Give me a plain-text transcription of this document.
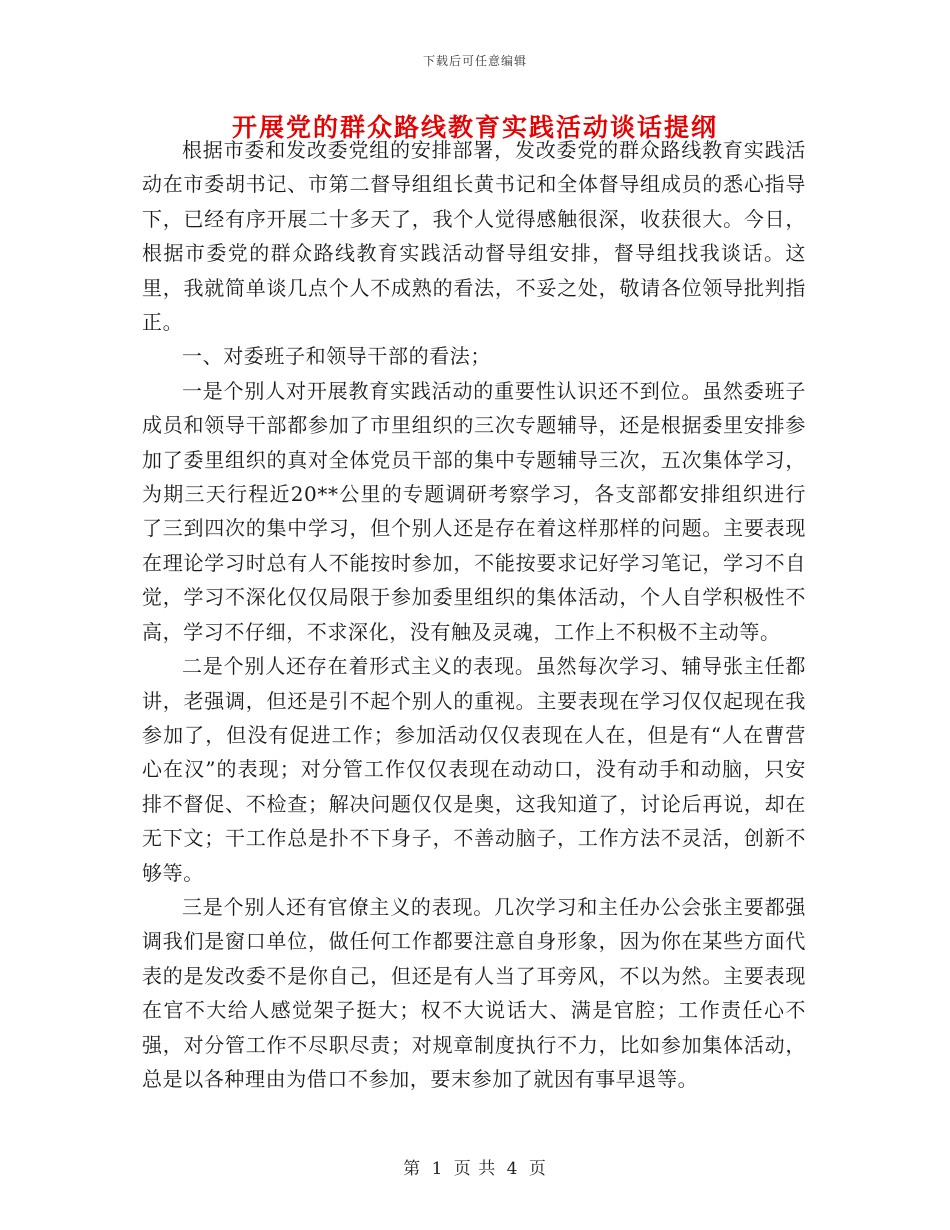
下载后可任意编辑
开展党的群众路线教育实践活动谈话提纲

根据市委和发改委党组的安排部署，发改委党的群众路线教育实践活动在市委胡书记、市第二督导组组长黄书记和全体督导组成员的悉心指导下，已经有序开展二十多天了，我个人觉得感触很深，收获很大。今日，根据市委党的群众路线教育实践活动督导组安排，督导组找我谈话。这里，我就简单谈几点个人不成熟的看法，不妥之处，敬请各位领导批判指正。

一、对委班子和领导干部的看法；

一是个别人对开展教育实践活动的重要性认识还不到位。虽然委班子成员和领导干部都参加了市里组织的三次专题辅导，还是根据委里安排参加了委里组织的真对全体党员干部的集中专题辅导三次，五次集体学习，为期三天行程近20**公里的专题调研考察学习，各支部都安排组织进行了三到四次的集中学习，但个别人还是存在着这样那样的问题。主要表现在理论学习时总有人不能按时参加，不能按要求记好学习笔记，学习不自觉，学习不深化仅仅局限于参加委里组织的集体活动，个人自学积极性不高，学习不仔细，不求深化，没有触及灵魂，工作上不积极不主动等。

二是个别人还存在着形式主义的表现。虽然每次学习、辅导张主任都讲，老强调，但还是引不起个别人的重视。主要表现在学习仅仅起现在我参加了，但没有促进工作；参加活动仅仅表现在人在，但是有“人在曹营心在汉”的表现；对分管工作仅仅表现在动动口，没有动手和动脑，只安排不督促、不检查；解决问题仅仅是奥，这我知道了，讨论后再说，却在无下文；干工作总是扑不下身子，不善动脑子，工作方法不灵活，创新不够等。

三是个别人还有官僚主义的表现。几次学习和主任办公会张主要都强调我们是窗口单位，做任何工作都要注意自身形象，因为你在某些方面代表的是发改委不是你自己，但还是有人当了耳旁风，不以为然。主要表现在官不大给人感觉架子挺大；权不大说话大、满是官腔；工作责任心不强，对分管工作不尽职尽责；对规章制度执行不力，比如参加集体活动，总是以各种理由为借口不参加，要末参加了就因有事早退等。

第 1 页 共 4 页
